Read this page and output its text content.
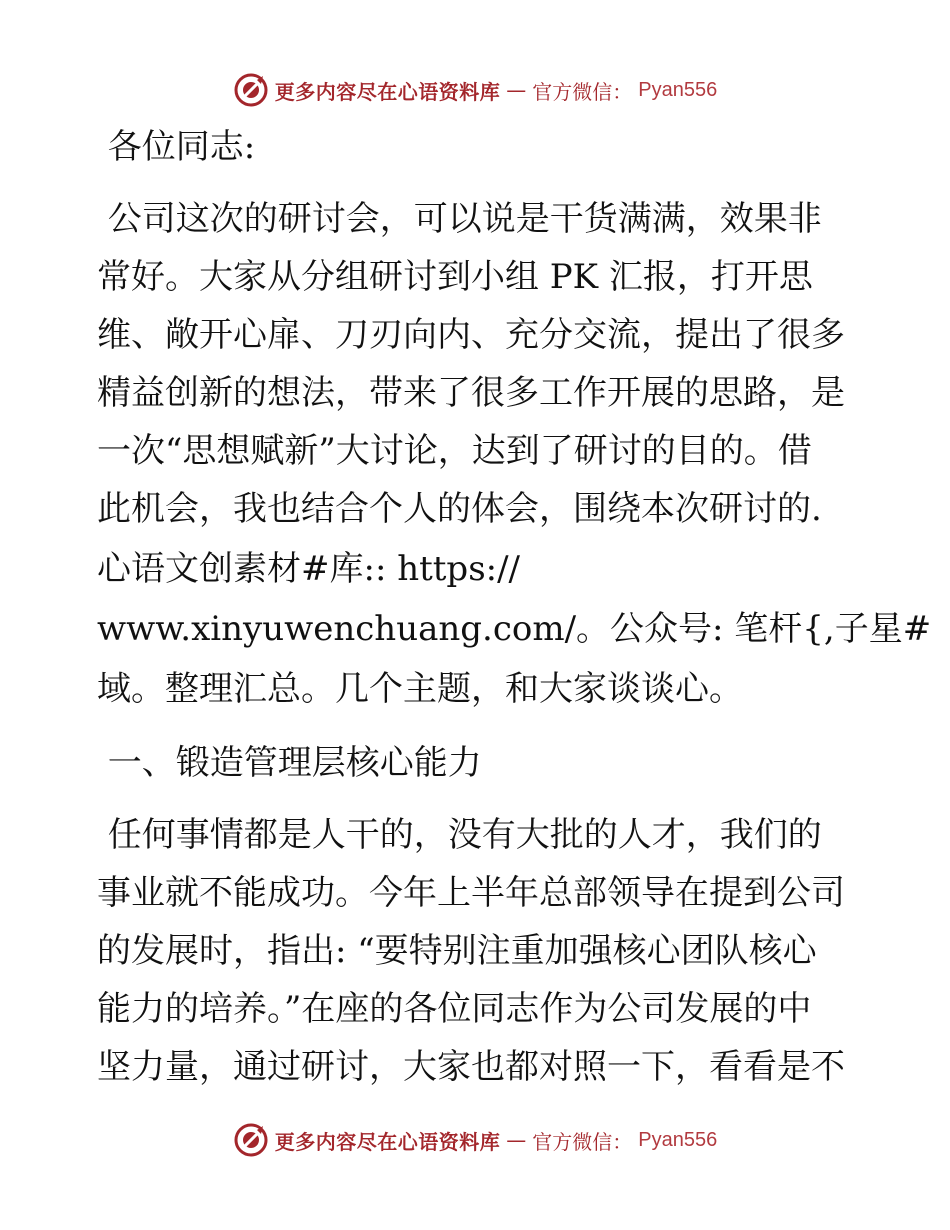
更多内容尽在心语资料库 — 官方微信： Pyan556
各位同志:
公司这次的研讨会，可以说是干货满满，效果非
常好。大家从分组研讨到小组 PK 汇报，打开思
维、敞开心扉、刀刃向内、充分交流，提出了很多
精益创新的想法，带来了很多工作开展的思路，是
一次“思想赋新”大讨论，达到了研讨的目的。借
此机会，我也结合个人的体会，围绕本次研讨的.
心语文创素材#库:: https://
www.xinyuwenchuang.com/。公众号: 笔杆{,子星#
域。整理汇总。几个主题，和大家谈谈心。
一、锻造管理层核心能力
任何事情都是人干的，没有大批的人才，我们的
事业就不能成功。今年上半年总部领导在提到公司
的发展时，指出: “要特别注重加强核心团队核心
能力的培养。”在座的各位同志作为公司发展的中
坚力量，通过研讨，大家也都对照一下，看看是不
更多内容尽在心语资料库 — 官方微信： Pyan556
